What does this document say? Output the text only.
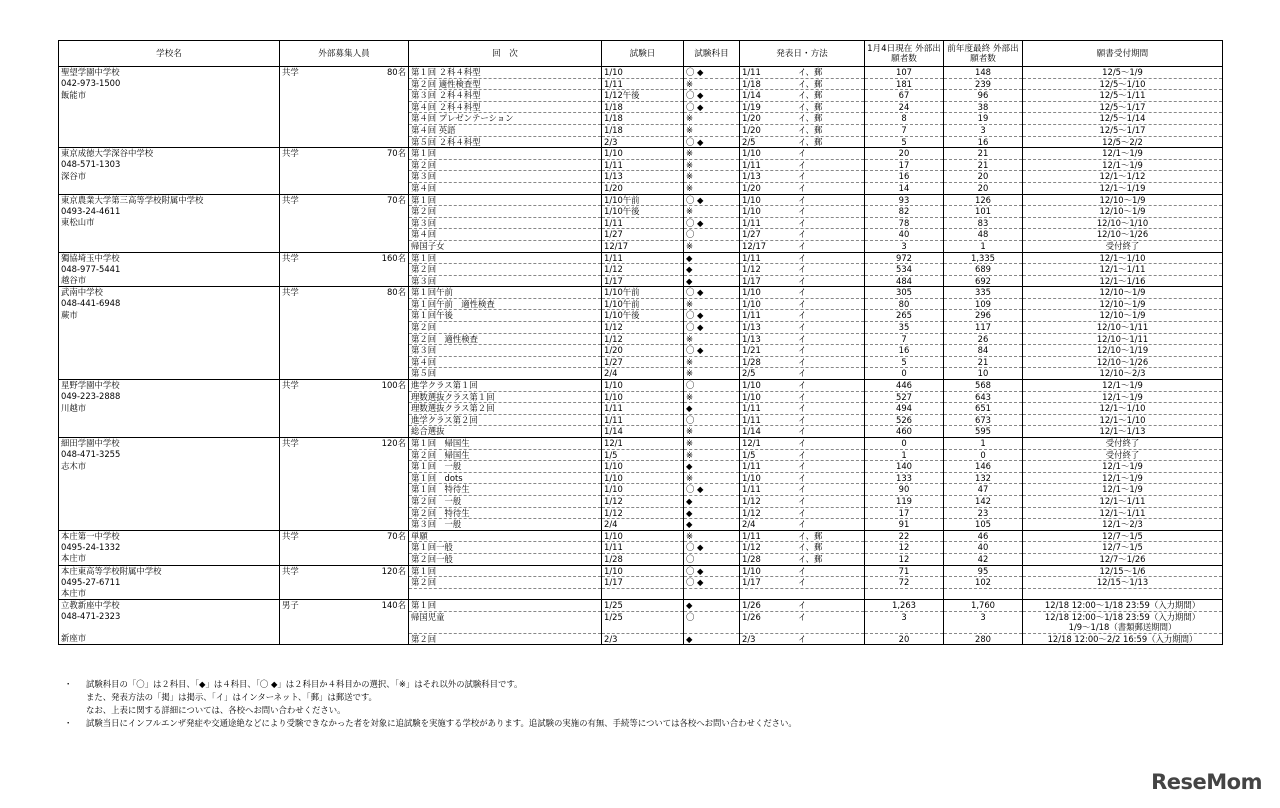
学校名	外部募集人員	回　次	試験日	試験科目	発表日・方法	1月4日現在 外部出願者数	前年度最終 外部出願者数	願書受付期間
聖望学園中学校	共学 80名	第１回 ２科４科型	1/10	〇 ◆	1/11 イ、郵	107	148	12/5～1/9

042-973-1500		第２回 適性検査型	1/11	※	1/18 イ、郵	181	239	12/5～1/10

飯能市		第３回 ２科４科型	1/12午後	〇 ◆	1/14 イ、郵	67	96	12/5～1/11

		第４回 ２科４科型	1/18	〇 ◆	1/19 イ、郵	24	38	12/5～1/17

		第４回 プレゼンテーション	1/18	※	1/20 イ、郵	8	19	12/5～1/14

		第４回 英語	1/18	※	1/20 イ、郵	7	3	12/5～1/17

		第５回 ２科４科型	2/3	〇 ◆	2/5 イ、郵	5	16	12/5～2/2

東京成徳大学深谷中学校	共学 70名	第１回	1/10	※	1/10 イ	20	21	12/1～1/9

048-571-1303		第２回	1/11	※	1/11 イ	17	21	12/1～1/9

深谷市		第３回	1/13	※	1/13 イ	16	20	12/1～1/12

		第４回	1/20	※	1/20 イ	14	20	12/1～1/19

東京農業大学第三高等学校附属中学校	共学 70名	第１回	1/10午前	〇 ◆	1/10 イ	93	126	12/10～1/9

0493-24-4611		第２回	1/10午後	※	1/10 イ	82	101	12/10～1/9

東松山市		第３回	1/11	〇 ◆	1/11 イ	78	83	12/10～1/10

		第４回	1/27	〇	1/27 イ	40	48	12/10～1/26

		帰国子女	12/17	※	12/17 イ	3	1	受付終了

獨協埼玉中学校	共学 160名	第１回	1/11	◆	1/11 イ	972	1,335	12/1～1/10

048-977-5441		第２回	1/12	◆	1/12 イ	534	689	12/1～1/11

越谷市		第３回	1/17	◆	1/17 イ	484	692	12/1～1/16

武南中学校	共学 80名	第１回午前	1/10午前	〇 ◆	1/10 イ	305	335	12/10～1/9

048-441-6948		第１回午前　適性検査	1/10午前	※	1/10 イ	80	109	12/10～1/9

蕨市		第１回午後	1/10午後	〇 ◆	1/11 イ	265	296	12/10～1/9

		第２回	1/12	〇 ◆	1/13 イ	35	117	12/10～1/11

		第２回　適性検査	1/12	※	1/13 イ	7	26	12/10～1/11

		第３回	1/20	〇 ◆	1/21 イ	16	84	12/10～1/19

		第４回	1/27	※	1/28 イ	5	21	12/10～1/26

		第５回	2/4	※	2/5 イ	0	10	12/10～2/3

星野学園中学校	共学 100名	進学クラス第１回	1/10	〇	1/10 イ	446	568	12/1～1/9

049-223-2888		理数選抜クラス第１回	1/10	※	1/10 イ	527	643	12/1～1/9

川越市		理数選抜クラス第２回	1/11	◆	1/11 イ	494	651	12/1～1/10

		進学クラス第２回	1/11	〇	1/11 イ	526	673	12/1～1/10

		総合選抜	1/14	※	1/14 イ	460	595	12/1～1/13

細田学園中学校	共学 120名	第１回　帰国生	12/1	※	12/1 イ	0	1	受付終了

048-471-3255		第２回　帰国生	1/5	※	1/5 イ	1	0	受付終了

志木市		第１回　一般	1/10	◆	1/11 イ	140	146	12/1～1/9

		第１回　dots	1/10	※	1/10 イ	133	132	12/1～1/9

		第１回　特待生	1/10	〇 ◆	1/11 イ	90	47	12/1～1/9

		第２回　一般	1/12	◆	1/12 イ	119	142	12/1～1/11

		第２回　特待生	1/12	◆	1/12 イ	17	23	12/1～1/11

		第３回　一般	2/4	◆	2/4 イ	91	105	12/1～2/3

本庄第一中学校	共学 70名	単願	1/10	※	1/11 イ、郵	22	46	12/7～1/5

0495-24-1332		第１回一般	1/11	〇 ◆	1/12 イ、郵	12	40	12/7～1/5

本庄市		第２回一般	1/28	〇	1/28 イ、郵	12	42	12/7～1/26

本庄東高等学校附属中学校	共学 120名	第１回	1/10	〇 ◆	1/10 イ	71	95	12/15～1/6

0495-27-6711		第２回	1/17	〇 ◆	1/17 イ	72	102	12/15～1/13

本庄市								

立教新座中学校	男子 140名	第１回	1/25	◆	1/26 イ	1,263	1,760	12/18 12:00～1/18 23:59（入力期間）

048-471-2323		帰国児童	1/25	〇	1/26 イ	3	3	12/18 12:00～1/18 23:59（入力期間）
1/9～1/18（書類郵送期間）

新座市		第２回	2/3	◆	2/3 イ	20	280	12/18 12:00～2/2 16:59（入力期間）
・ 試験科目の「〇」は２科目、「◆」は４科目、「〇 ◆」は２科目か４科目かの選択、「※」はそれ以外の試験科目です。
また、発表方法の「掲」は掲示、「イ」はインターネット、「郵」は郵送です。
なお、上表に関する詳細については、各校へお問い合わせください。
・ 試験当日にインフルエンザ発症や交通途絶などにより受験できなかった者を対象に追試験を実施する学校があります。追試験の実施の有無、手続等については各校へお問い合わせください。
ReseMom
